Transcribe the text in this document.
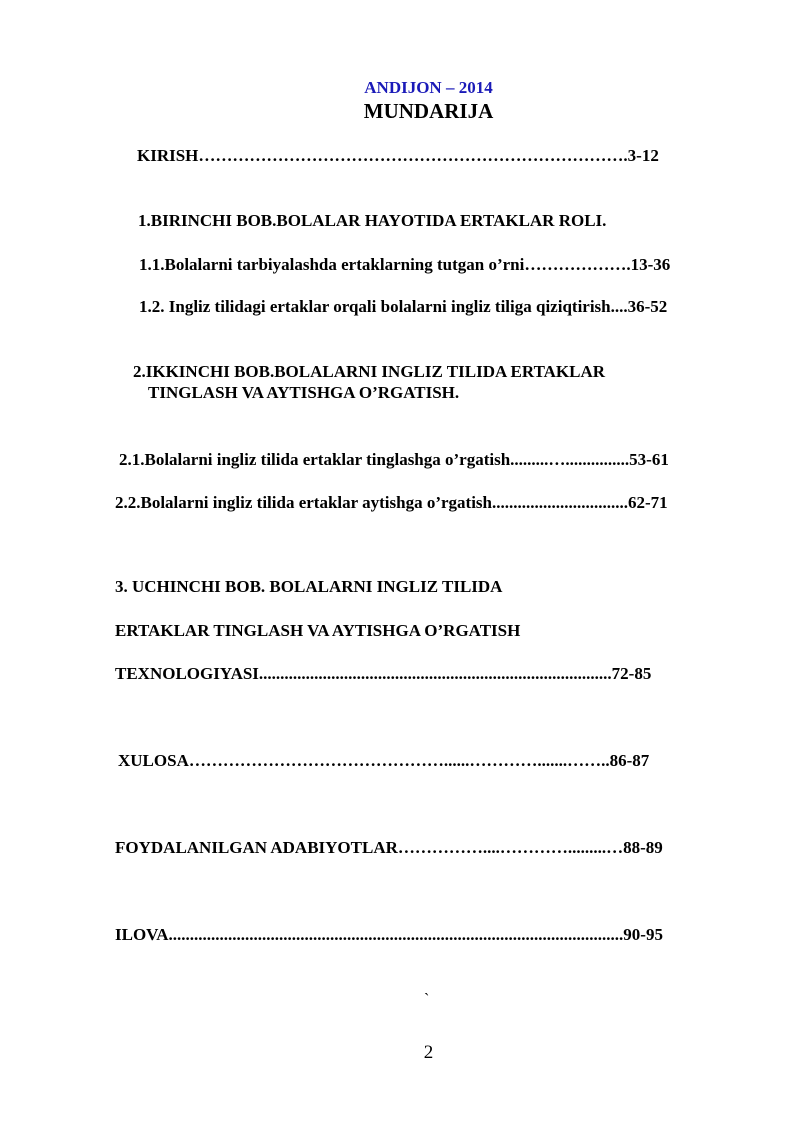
ANDIJON – 2014
MUNDARIJA
KIRISH………………………………………………………………….3-12
1.BIRINCHI BOB.BOLALAR HAYOTIDA ERTAKLAR ROLI.
1.1.Bolalarni tarbiyalashda ertaklarning tutgan o’rni……………….13-36
1.2. Ingliz tilidagi ertaklar orqali bolalarni ingliz tiliga qiziqtirish....36-52
2.IKKINCHI BOB.BOLALARNI INGLIZ TILIDA ERTAKLAR
TINGLASH VA AYTISHGA O’RGATISH.
2.1.Bolalarni ingliz tilida ertaklar tinglashga o’rgatish.........…...............53-61
2.2.Bolalarni ingliz tilida ertaklar aytishga o’rgatish................................62-71
3. UCHINCHI BOB. BOLALARNI INGLIZ TILIDA
ERTAKLAR TINGLASH VA AYTISHGA O’RGATISH
TEXNOLOGIYASI...................................................................................72-85
XULOSA………………………………………......………….......……..86-87
FOYDALANILGAN ADABIYOTLAR……………....………….........…88-89
ILOVA...........................................................................................................90-95
`
2
